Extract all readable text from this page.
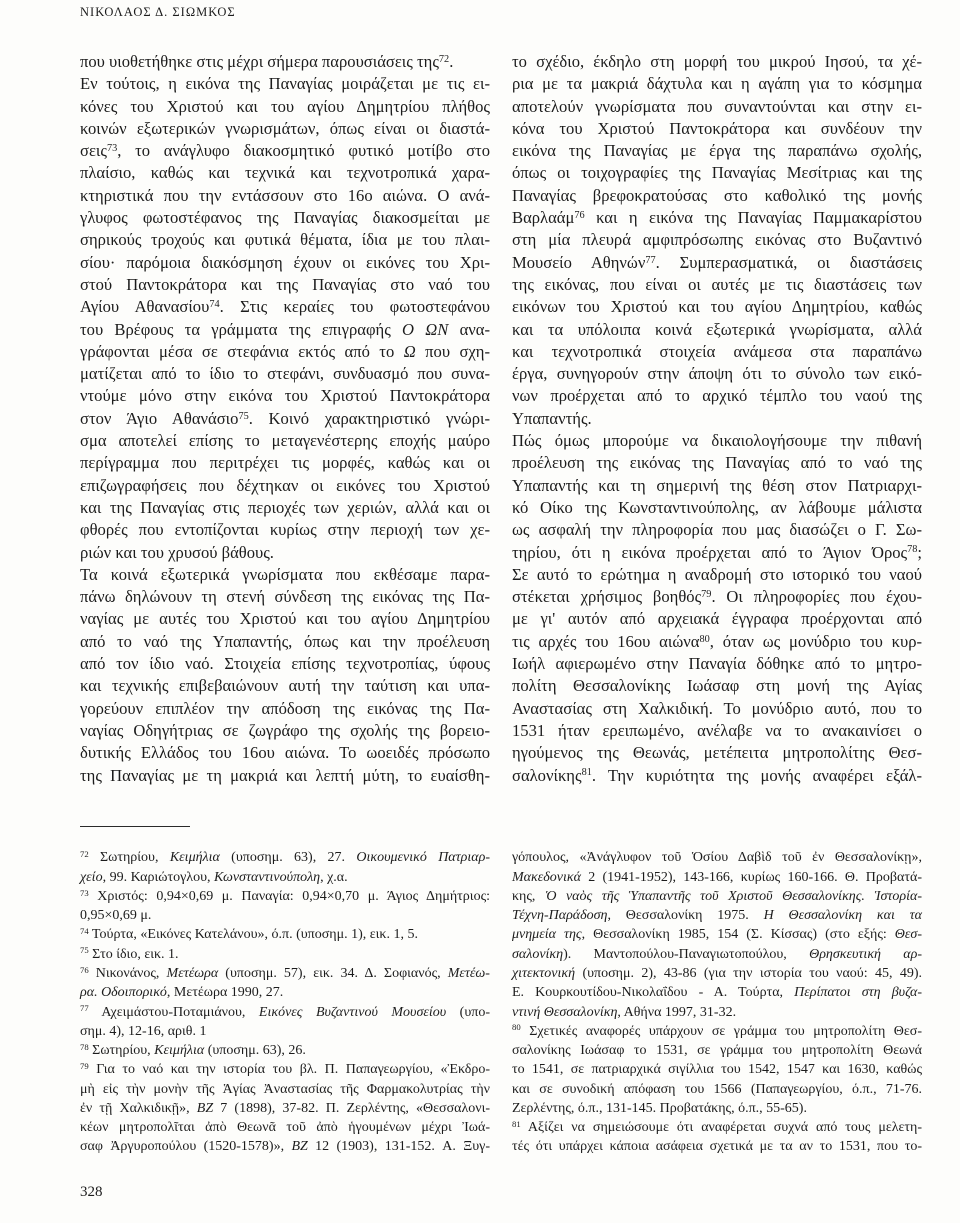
ΝΙΚΟΛΑΟΣ Δ. ΣΙΩΜΚΟΣ
που υιοθετήθηκε στις μέχρι σήμερα παρουσιάσεις της$^{72}$.
Εν τούτοις, η εικόνα της Παναγίας μοιράζεται με τις ει-
κόνες του Χριστού και του αγίου Δημητρίου πλήθος
κοινών εξωτερικών γνωρισμάτων, όπως είναι οι διαστά-
σεις$^{73}$, το ανάγλυφο διακοσμητικό φυτικό μοτίβο στο
πλαίσιο, καθώς και τεχνικά και τεχνοτροπικά χαρα-
κτηριστικά που την εντάσσουν στο 16ο αιώνα. Ο ανά-
γλυφος φωτοστέφανος της Παναγίας διακοσμείται με
σηρικούς τροχούς και φυτικά θέματα, ίδια με του πλαι-
σίου· παρόμοια διακόσμηση έχουν οι εικόνες του Χρι-
στού Παντοκράτορα και της Παναγίας στο ναό του
Αγίου Αθανασίου$^{74}$. Στις κεραίες του φωτοστεφάνου
του Βρέφους τα γράμματα της επιγραφής Ο ΩΝ ανα-
γράφονται μέσα σε στεφάνια εκτός από το Ω που σχη-
ματίζεται από το ίδιο το στεφάνι, συνδυασμό που συνα-
ντούμε μόνο στην εικόνα του Χριστού Παντοκράτορα
στον Άγιο Αθανάσιο$^{75}$. Κοινό χαρακτηριστικό γνώρι-
σμα αποτελεί επίσης το μεταγενέστερης εποχής μαύρο
περίγραμμα που περιτρέχει τις μορφές, καθώς και οι
επιζωγραφήσεις που δέχτηκαν οι εικόνες του Χριστού
και της Παναγίας στις περιοχές των χεριών, αλλά και οι
φθορές που εντοπίζονται κυρίως στην περιοχή των χε-
ριών και του χρυσού βάθους.
Τα κοινά εξωτερικά γνωρίσματα που εκθέσαμε παρα-
πάνω δηλώνουν τη στενή σύνδεση της εικόνας της Πα-
ναγίας με αυτές του Χριστού και του αγίου Δημητρίου
από το ναό της Υπαπαντής, όπως και την προέλευση
από τον ίδιο ναό. Στοιχεία επίσης τεχνοτροπίας, ύφους
και τεχνικής επιβεβαιώνουν αυτή την ταύτιση και υπα-
γορεύουν επιπλέον την απόδοση της εικόνας της Πα-
ναγίας Οδηγήτριας σε ζωγράφο της σχολής της βορειο-
δυτικής Ελλάδος του 16ου αιώνα. Το ωοειδές πρόσωπο
της Παναγίας με τη μακριά και λεπτή μύτη, το ευαίσθη-
το σχέδιο, έκδηλο στη μορφή του μικρού Ιησού, τα χέ-
ρια με τα μακριά δάχτυλα και η αγάπη για το κόσμημα
αποτελούν γνωρίσματα που συναντούνται και στην ει-
κόνα του Χριστού Παντοκράτορα και συνδέουν την
εικόνα της Παναγίας με έργα της παραπάνω σχολής,
όπως οι τοιχογραφίες της Παναγίας Μεσίτριας και της
Παναγίας βρεφοκρατούσας στο καθολικό της μονής
Βαρλαάμ$^{76}$ και η εικόνα της Παναγίας Παμμακαρίστου
στη μία πλευρά αμφιπρόσωπης εικόνας στο Βυζαντινό
Μουσείο Αθηνών$^{77}$. Συμπερασματικά, οι διαστάσεις
της εικόνας, που είναι οι αυτές με τις διαστάσεις των
εικόνων του Χριστού και του αγίου Δημητρίου, καθώς
και τα υπόλοιπα κοινά εξωτερικά γνωρίσματα, αλλά
και τεχνοτροπικά στοιχεία ανάμεσα στα παραπάνω
έργα, συνηγορούν στην άποψη ότι το σύνολο των εικό-
νων προέρχεται από το αρχικό τέμπλο του ναού της
Υπαπαντής.
Πώς όμως μπορούμε να δικαιολογήσουμε την πιθανή
προέλευση της εικόνας της Παναγίας από το ναό της
Υπαπαντής και τη σημερινή της θέση στον Πατριαρχι-
κό Οίκο της Κωνσταντινούπολης, αν λάβουμε μάλιστα
ως ασφαλή την πληροφορία που μας διασώζει ο Γ. Σω-
τηρίου, ότι η εικόνα προέρχεται από το Άγιον Όρος$^{78}$;
Σε αυτό το ερώτημα η αναδρομή στο ιστορικό του ναού
στέκεται χρήσιμος βοηθός$^{79}$. Οι πληροφορίες που έχου-
με γι' αυτόν από αρχειακά έγγραφα προέρχονται από
τις αρχές του 16ου αιώνα$^{80}$, όταν ως μονύδριο του κυρ-
Ιωήλ αφιερωμένο στην Παναγία δόθηκε από το μητρο-
πολίτη Θεσσαλονίκης Ιωάσαφ στη μονή της Αγίας
Αναστασίας στη Χαλκιδική. Το μονύδριο αυτό, που το
1531 ήταν ερειπωμένο, ανέλαβε να το ανακαινίσει ο
ηγούμενος της Θεωνάς, μετέπειτα μητροπολίτης Θεσ-
σαλονίκης$^{81}$. Την κυριότητα της μονής αναφέρει εξάλ-
$^{72}$ Σωτηρίου, Κειμήλια (υποσημ. 63), 27. Οικουμενικό Πατριαρ-
χείο, 99. Καριώτογλου, Κωνσταντινούπολη, χ.α.
$^{73}$ Χριστός: 0,94×0,69 μ. Παναγία: 0,94×0,70 μ. Άγιος Δημήτριος:
0,95×0,69 μ.
$^{74}$ Τούρτα, «Εικόνες Κατελάνου», ό.π. (υποσημ. 1), εικ. 1, 5.
$^{75}$ Στο ίδιο, εικ. 1.
$^{76}$ Νικονάνος, Μετέωρα (υποσημ. 57), εικ. 34. Δ. Σοφιανός, Μετέω-
ρα. Οδοιπορικό, Μετέωρα 1990, 27.
$^{77}$ Αχειμάστου-Ποταμιάνου, Εικόνες Βυζαντινού Μουσείου (υπο-
σημ. 4), 12-16, αριθ. 1
$^{78}$ Σωτηρίου, Κειμήλια (υποσημ. 63), 26.
$^{79}$ Για το ναό και την ιστορία του βλ. Π. Παπαγεωργίου, «Ἐκδρο-
μὴ εἰς τὴν μονὴν τῆς Ἁγίας Ἀναστασίας τῆς Φαρμακολυτρίας τὴν
ἐν τῇ Χαλκιδικῇ», BZ 7 (1898), 37-82. Π. Ζερλέντης, «Θεσσαλονι-
κέων μητροπολῖται ἀπὸ Θεωνᾶ τοῦ ἀπὸ ἡγουμένων μέχρι Ἰωά-
σαφ Ἀργυροπούλου (1520-1578)», BZ 12 (1903), 131-152. Α. Ξυγ-
γόπουλος, «Ἀνάγλυφον τοῦ Ὁσίου Δαβὶδ τοῦ ἐν Θεσσαλονίκῃ»,
Μακεδονικά 2 (1941-1952), 143-166, κυρίως 160-166. Θ. Προβατά-
κης, Ὁ ναὸς τῆς Ὑπαπαντῆς τοῦ Χριστοῦ Θεσσαλονίκης. Ἱστορία-
Τέχνη-Παράδοση, Θεσσαλονίκη 1975. Η Θεσσαλονίκη και τα
μνημεία της, Θεσσαλονίκη 1985, 154 (Σ. Κίσσας) (στο εξής: Θεσ-
σαλονίκη). Μαντοπούλου-Παναγιωτοπούλου, Θρησκευτική αρ-
χιτεκτονική (υποσημ. 2), 43-86 (για την ιστορία του ναού: 45, 49).
Ε. Κουρκουτίδου-Νικολαΐδου - Α. Τούρτα, Περίπατοι στη βυζα-
ντινή Θεσσαλονίκη, Αθήνα 1997, 31-32.
$^{80}$ Σχετικές αναφορές υπάρχουν σε γράμμα του μητροπολίτη Θεσ-
σαλονίκης Ιωάσαφ το 1531, σε γράμμα του μητροπολίτη Θεωνά
το 1541, σε πατριαρχικά σιγίλλια του 1542, 1547 και 1630, καθώς
και σε συνοδική απόφαση του 1566 (Παπαγεωργίου, ό.π., 71-76.
Ζερλέντης, ό.π., 131-145. Προβατάκης, ό.π., 55-65).
$^{81}$ Αξίζει να σημειώσουμε ότι αναφέρεται συχνά από τους μελετη-
τές ότι υπάρχει κάποια ασάφεια σχετικά με τα αν το 1531, που το-
328
